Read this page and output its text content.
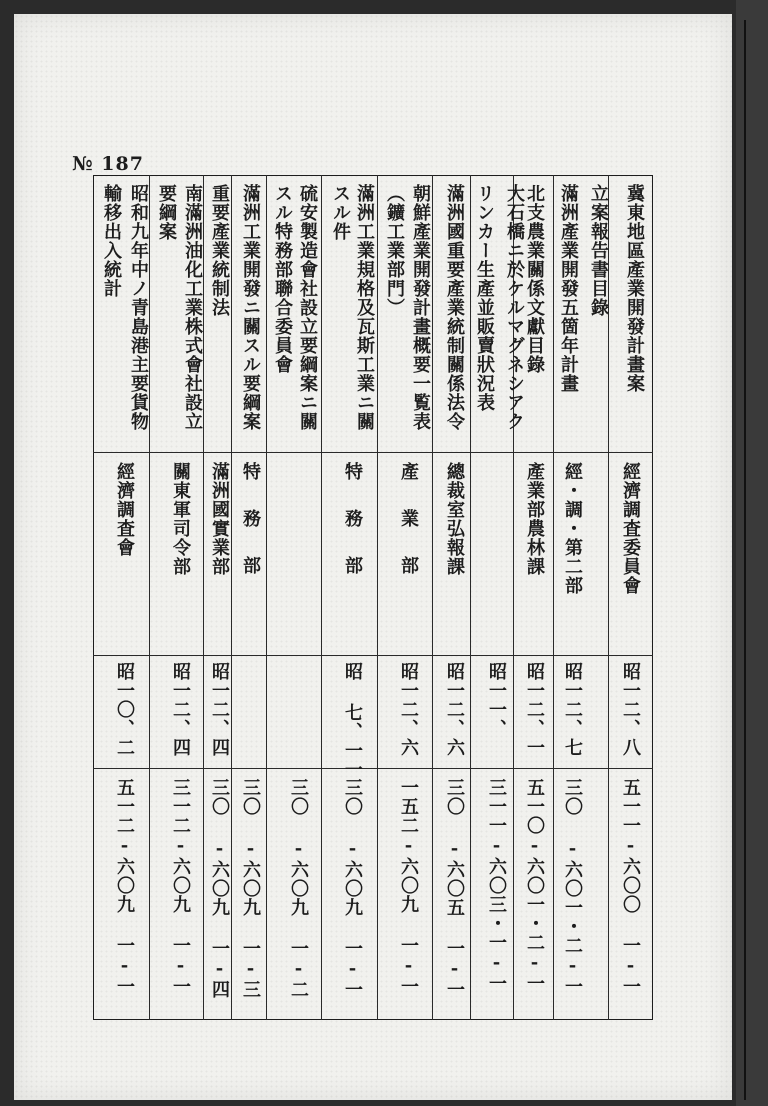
№ 187
冀東地區產業開發計畫案
立案報告書目錄
經濟調査委員會
昭一二、八
五一一-六〇〇 一-一
滿洲產業開發五箇年計畫
經・調・第二部
昭一二、七
三〇 -六〇一・二-一
北支農業關係文獻目錄
產業部農林課
昭一二、一
五一〇-六〇一・二-一
大石橋ニ於ケルマグネシアク
リンカー生產並販賣狀況表
昭一一、
三一一-六〇三・一-一
滿洲國重要產業統制關係法令
總裁室弘報課
昭一二、六
三〇 -六〇五 一-一
朝鮮產業開發計畫概要一覧表
（鑛工業部門）
產 業 部
昭一二、六
一五二-六〇九 一-一
滿洲工業規格及瓦斯工業ニ關
スル件
特 務 部
昭 七、一一
三〇 -六〇九 一-一
硫安製造會社設立要綱案ニ關
スル特務部聯合委員會
三〇 -六〇九 一-二
滿洲工業開發ニ關スル要綱案
特 務 部
三〇 -六〇九 一-三
重要產業統制法
滿洲國實業部
昭一二、四
三〇 -六〇九 一-四
南滿洲油化工業株式會社設立
要綱案
關東軍司令部
昭一二、四
三一二-六〇九 一-一
昭和九年中ノ青島港主要貨物
輸移出入統計
經濟調査會
昭一〇、二
五一二-六〇九 一-一
